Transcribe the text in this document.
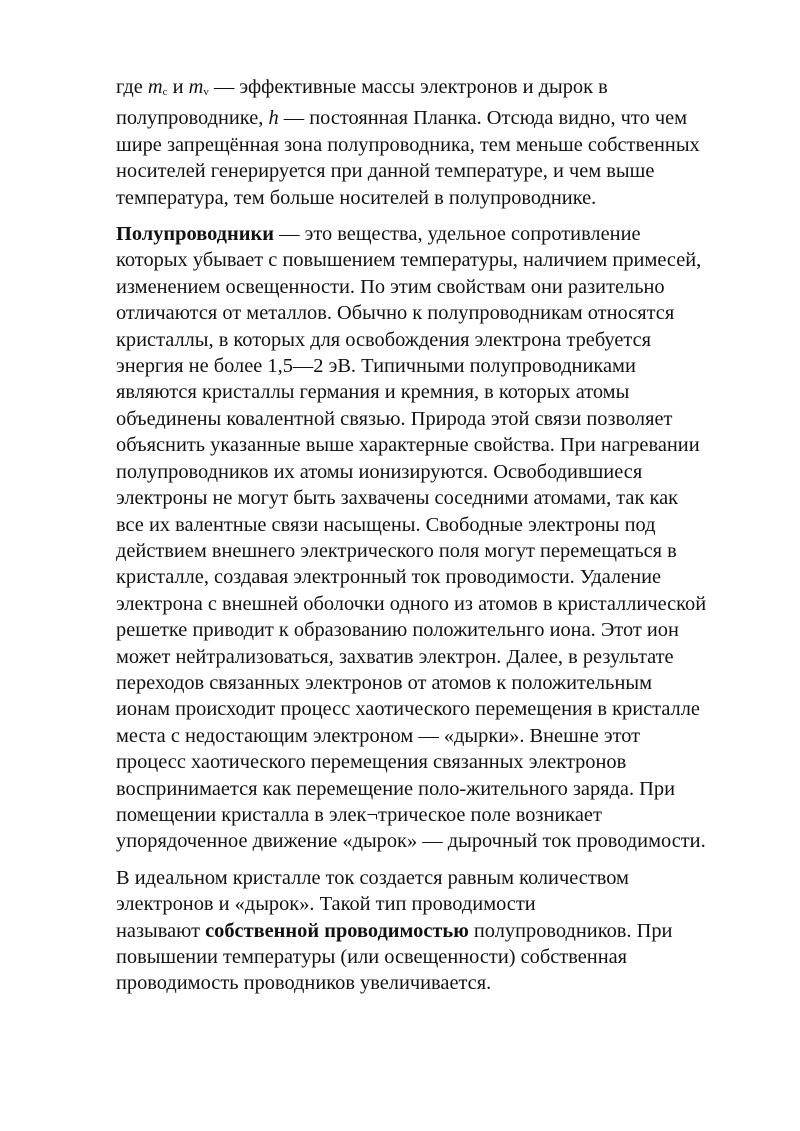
где mc и mv — эффективные массы электронов и дырок в
полупроводнике, h — постоянная Планка. Отсюда видно, что чем
шире запрещённая зона полупроводника, тем меньше собственных
носителей генерируется при данной температуре, и чем выше
температура, тем больше носителей в полупроводнике.

Полупроводники — это вещества, удельное сопротивление
которых убывает с повышением температуры, наличием примесей,
изменением освещенности. По этим свойствам они разительно
отличаются от металлов. Обычно к полупроводникам относятся
кристаллы, в которых для освобождения электрона требуется
энергия не более 1,5—2 эВ. Типичными полупроводниками
являются кристаллы германия и кремния, в которых атомы
объединены ковалентной связью. Природа этой связи позволяет
объяснить указанные выше характерные свойства. При нагревании
полупроводников их атомы ионизируются. Освободившиеся
электроны не могут быть захвачены соседними атомами, так как
все их валентные связи насыщены. Свободные электроны под
действием внешнего электрического поля могут перемещаться в
кристалле, создавая электронный ток проводимости. Удаление
электрона с внешней оболочки одного из атомов в кристаллической
решетке приводит к образованию положительнго иона. Этот ион
может нейтрализоваться, захватив электрон. Далее, в результате
переходов связанных электронов от атомов к положительным
ионам происходит процесс хаотического перемещения в кристалле
места с недостающим электроном — «дырки». Внешне этот
процесс хаотического перемещения связанных электронов
воспринимается как перемещение поло-жительного заряда. При
помещении кристалла в элек¬трическое поле возникает
упорядоченное движение «дырок» — дырочный ток проводимости.

В идеальном кристалле ток создается равным количеством
электронов и «дырок». Такой тип проводимости
называют собственной проводимостью полупроводников. При
повышении температуры (или освещенности) собственная
проводимость проводников увеличивается.
